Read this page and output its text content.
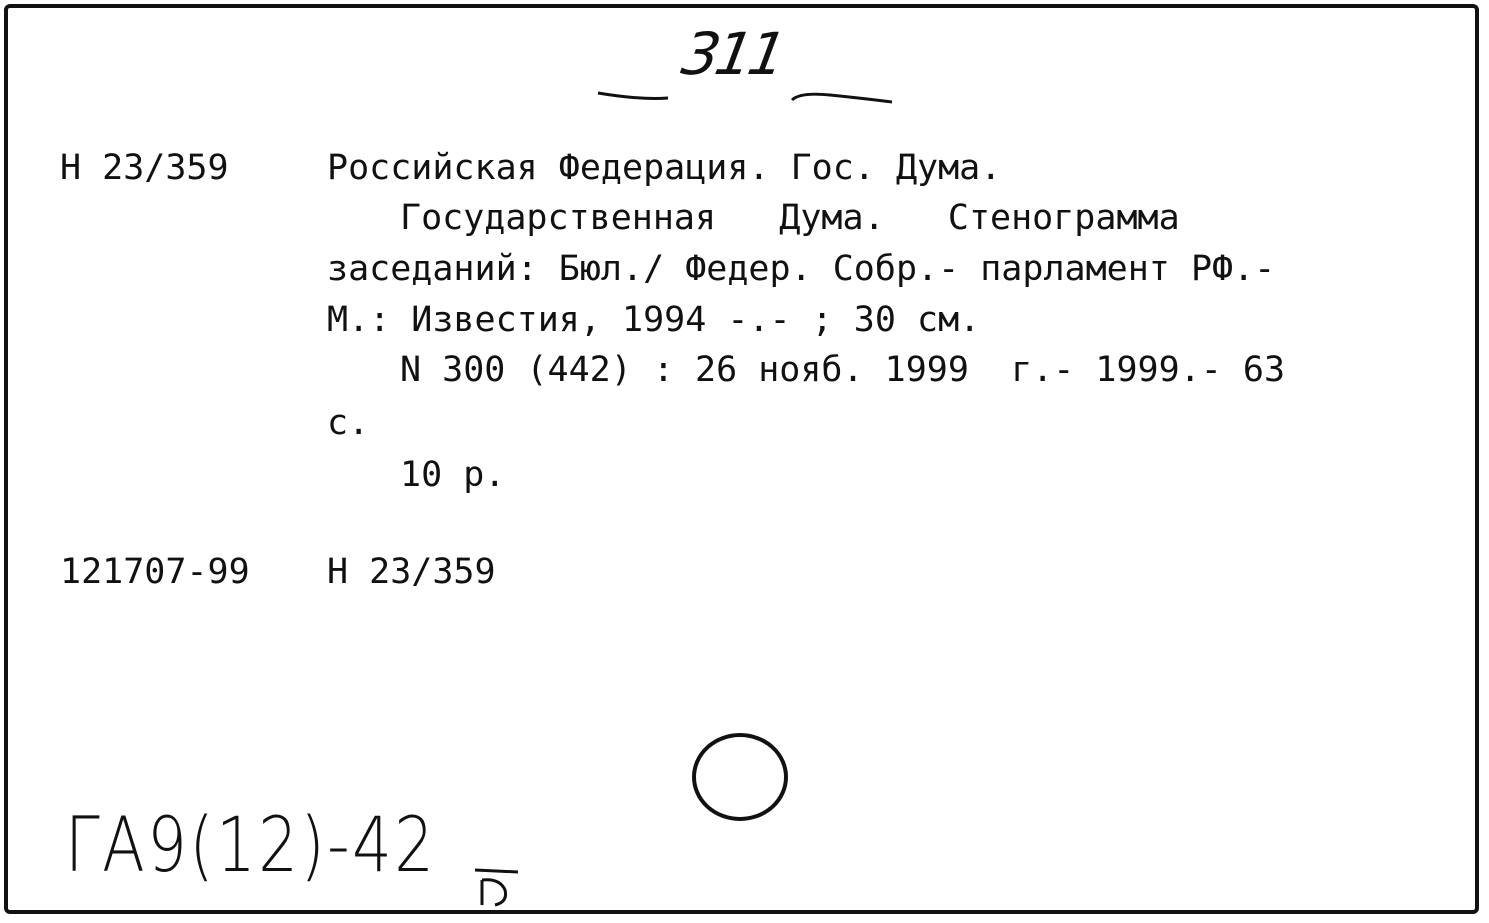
311
Н 23/359	Российская Федерация. Гос. Дума.
Государственная   Дума.   Стенограмма
заседаний: Бюл./ Федер. Собр.- парламент РФ.-
М.: Известия, 1994 -.- ; 30 см.
N 300 (442) : 26 нояб. 1999  г.- 1999.- 63
с.
10 р.
121707-99 Н 23/359
ГА9(12)-42
